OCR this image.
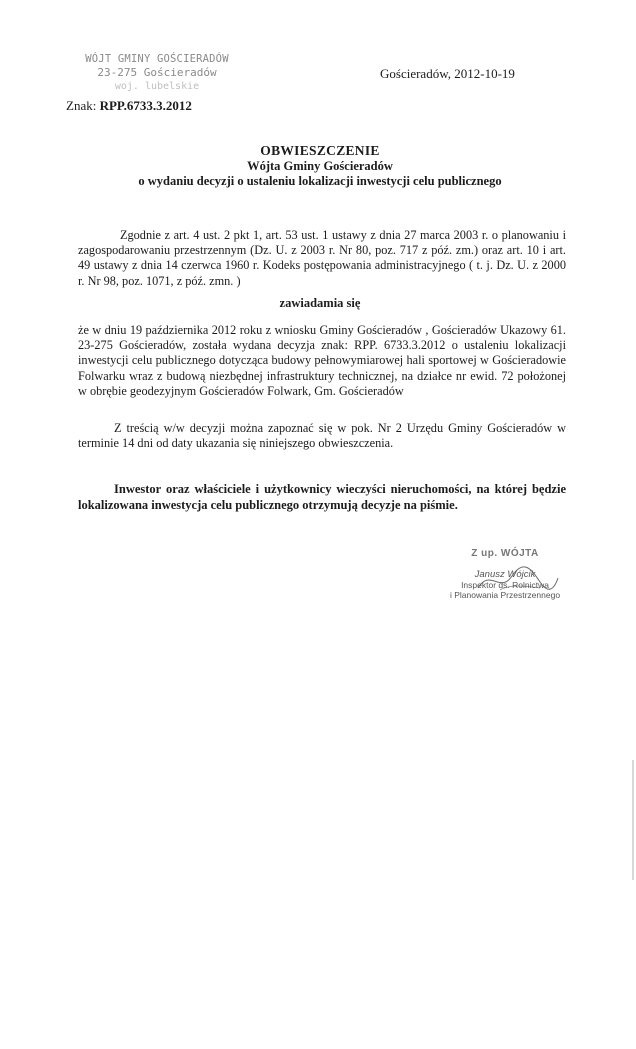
WÓJT GMINY GOŚCIERADÓW
23-275 Gościeradów
woj. lubelskie
Gościeradów, 2012-10-19
Znak: RPP.6733.3.2012
OBWIESZCZENIE
Wójta Gminy Gościeradów
o wydaniu decyzji o ustaleniu lokalizacji inwestycji celu publicznego
Zgodnie z art. 4 ust. 2 pkt 1, art. 53 ust. 1 ustawy z dnia 27 marca 2003 r. o planowaniu i zagospodarowaniu przestrzennym (Dz. U. z 2003 r. Nr 80, poz. 717 z póź. zm.) oraz art. 10 i art. 49 ustawy z dnia 14 czerwca 1960 r. Kodeks postępowania administracyjnego ( t. j. Dz. U. z 2000 r. Nr 98, poz. 1071, z póź. zmn. )
zawiadamia się
że w dniu 19 października 2012 roku z wniosku Gminy Gościeradów , Gościeradów Ukazowy 61. 23-275 Gościeradów, została wydana decyzja znak: RPP. 6733.3.2012 o ustaleniu lokalizacji inwestycji celu publicznego dotycząca budowy pełnowymiarowej hali sportowej w Gościeradowie Folwarku wraz z budową niezbędnej infrastruktury technicznej, na działce nr ewid. 72 położonej w obrębie geodezyjnym Gościeradów Folwark, Gm. Gościeradów
Z treścią w/w decyzji można zapoznać się w pok. Nr 2 Urzędu Gminy Gościeradów w terminie 14 dni od daty ukazania się niniejszego obwieszczenia.
Inwestor oraz właściciele i użytkownicy wieczyści nieruchomości, na której będzie lokalizowana inwestycja celu publicznego otrzymują decyzje na piśmie.
Z up. WÓJTA
Janusz Wójcik
Inspektor ds. Rolnictwa
i Planowania Przestrzennego
